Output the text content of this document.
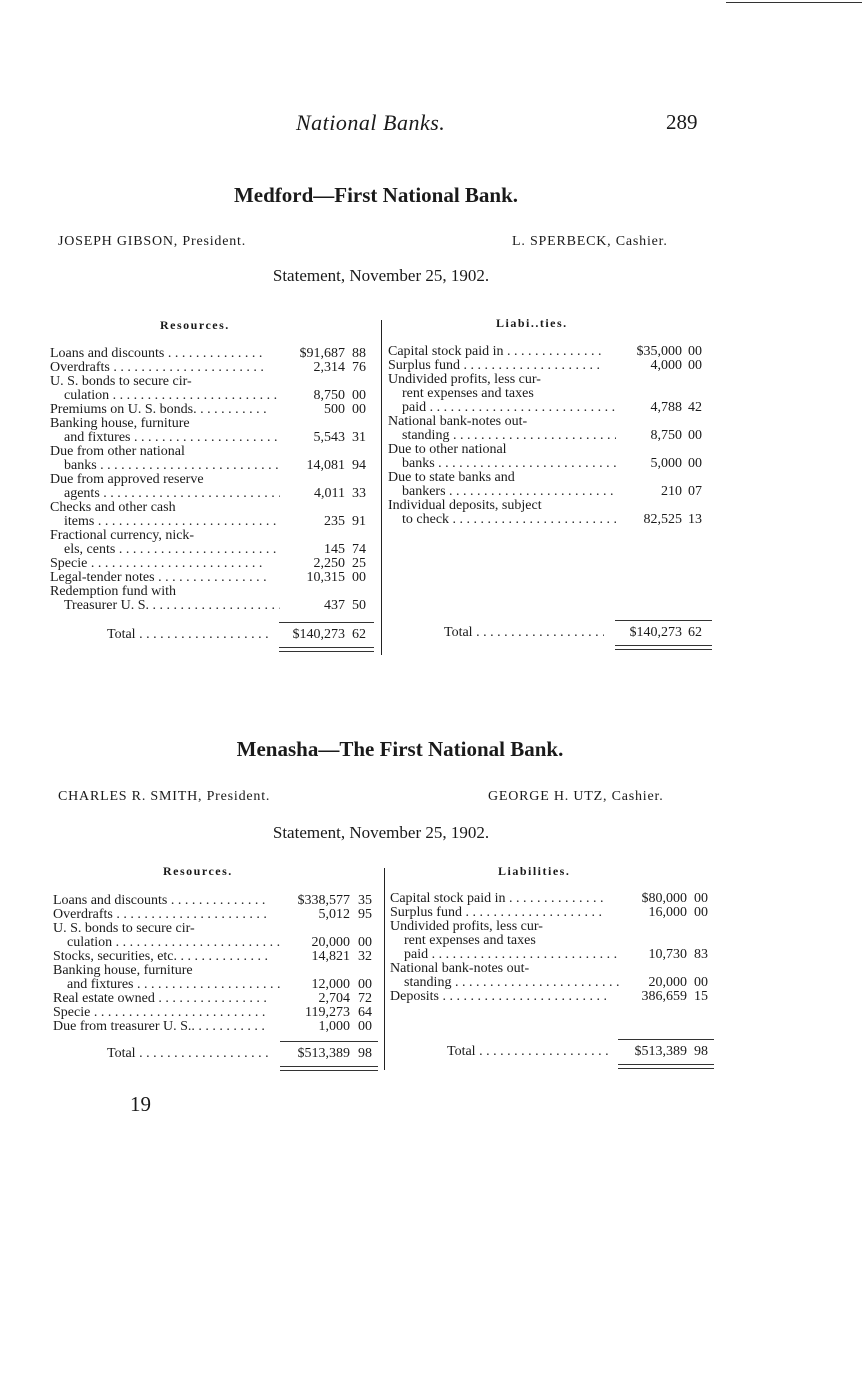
National Banks.	289
Medford—First National Bank.
JOSEPH GIBSON, President.	L. SPERBECK, Cashier.
Statement, November 25, 1902.
Resources.	Liabi..ties.
Loans and discounts . . .	$91,687 88
Overdrafts . . .	2,314 76
U. S. bonds to secure cir-
culation . . .	8,750 00
Premiums on U. S. bonds. . . .	500 00
Banking house, furniture
and fixtures . . .	5,543 31
Due from other national
banks . . .	14,081 94
Due from approved reserve
agents . . .	4,011 33
Checks and other cash
items . . .	235 91
Fractional currency, nick-
els, cents . . .	145 74
Specie . . .	2,250 25
Legal-tender notes . . .	10,315 00
Redemption fund with
Treasurer U. S. . . .	437 50
Capital stock paid in . . .	$35,000 00
Surplus fund . . .	4,000 00
Undivided profits, less cur-
rent expenses and taxes
paid . . .	4,788 42
National bank-notes out-
standing . . .	8,750 00
Due to other national
banks . . .	5,000 00
Due to state banks and
bankers . . .	210 07
Individual deposits, subject
to check . . .	82,525 13
Total . . .	$140,273 62	Total . . .	$140,273 62
Menasha—The First National Bank.
CHARLES R. SMITH, President.	GEORGE H. UTZ, Cashier.
Statement, November 25, 1902.
Resources.	Liabilities.
Loans and discounts . . .	$338,577 35
Overdrafts . . .	5,012 95
U. S. bonds to secure cir-
culation . . .	20,000 00
Stocks, securities, etc. . . .	14,821 32
Banking house, furniture
and fixtures . . .	12,000 00
Real estate owned . . .	2,704 72
Specie . . .	119,273 64
Due from treasurer U. S.. . . .	1,000 00
Capital stock paid in . . .	$80,000 00
Surplus fund . . .	16,000 00
Undivided profits, less cur-
rent expenses and taxes
paid . . .	10,730 83
National bank-notes out-
standing . . .	20,000 00
Deposits . . .	386,659 15
Total . . .	$513,389 98	Total . . .	$513,389 98
19
